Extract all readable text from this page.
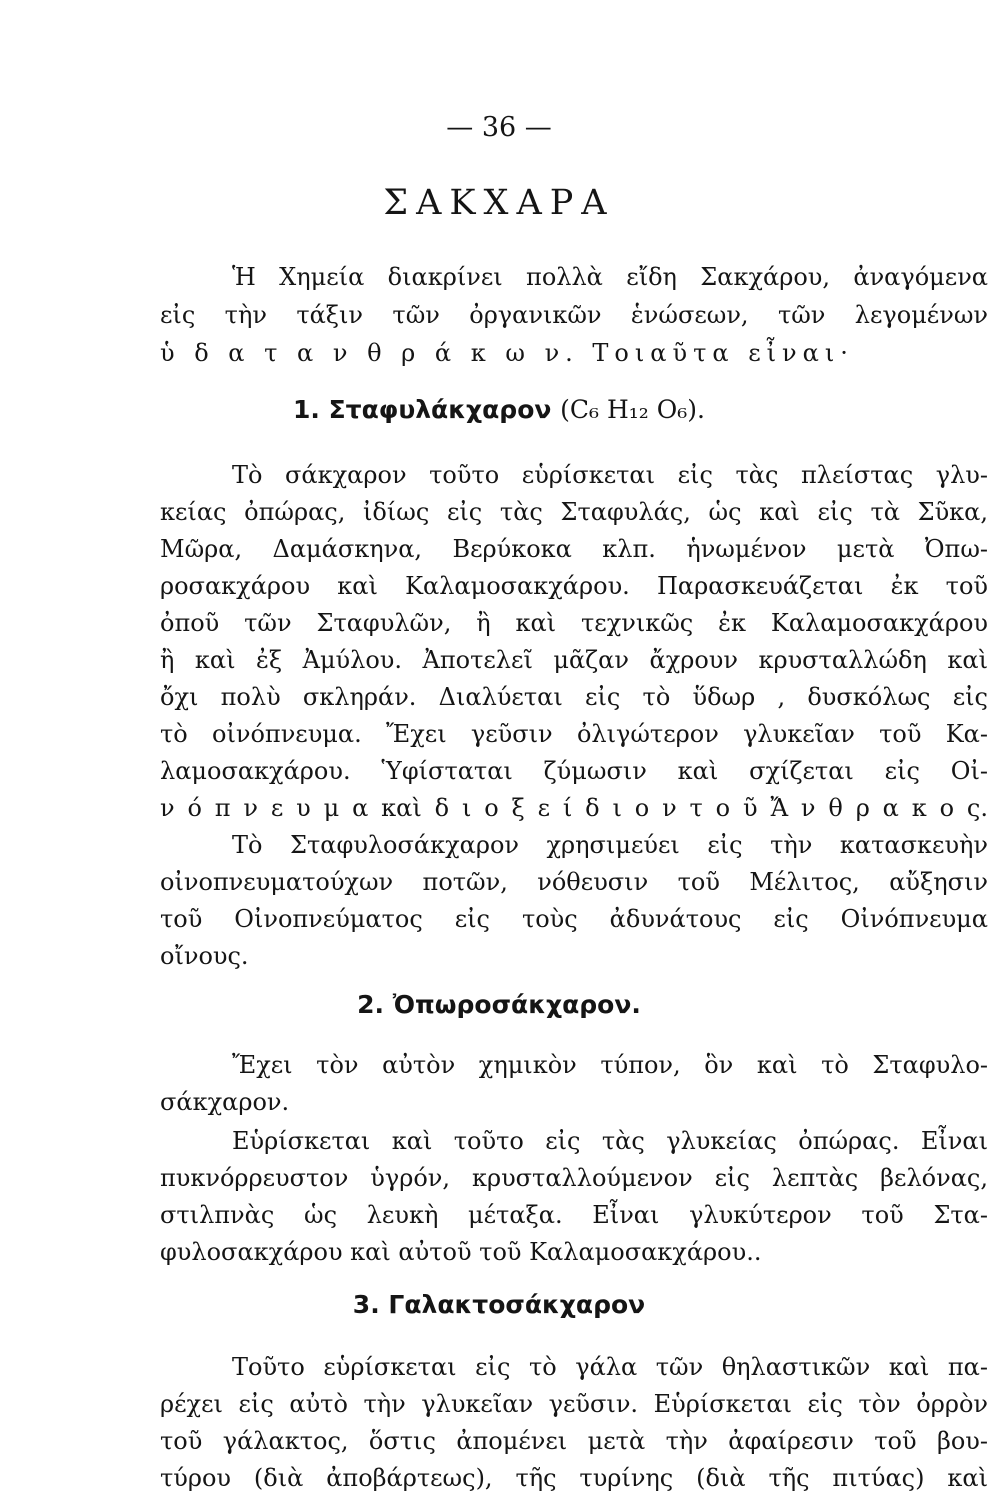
— 36 —
ΣΑΚΧΑΡΑ
Ἡ Χημεία διακρίνει πολλὰ εἴδη Σακχάρου, ἀναγόμενα
εἰς τὴν τάξιν τῶν ὀργανικῶν ἑνώσεων, τῶν λεγομένων
ὑ δ α τ α ν θ ρ ά κ ω ν. Τοιαῦτα εἶναι·
1. Σταφυλάκχαρον (C₆ H₁₂ O₆).
Τὸ σάκχαρον τοῦτο εὑρίσκεται εἰς τὰς πλείστας γλυ-
κείας ὀπώρας, ἰδίως εἰς τὰς Σταφυλάς, ὡς καὶ εἰς τὰ Σῦκα,
Μῶρα, Δαμάσκηνα, Βερύκοκα κλπ. ἡνωμένον μετὰ Ὀπω-
ροσακχάρου καὶ Καλαμοσακχάρου. Παρασκευάζεται ἐκ τοῦ
ὀποῦ τῶν Σταφυλῶν, ἢ καὶ τεχνικῶς ἐκ Καλαμοσακχάρου
ἢ καὶ ἐξ Ἀμύλου. Ἀποτελεῖ μᾶζαν ἄχρουν κρυσταλλώδη καὶ
ὄχι πολὺ σκληράν. Διαλύεται εἰς τὸ ὕδωρ , δυσκόλως εἰς
τὸ οἰνόπνευμα. Ἔχει γεῦσιν ὀλιγώτερον γλυκεῖαν τοῦ Κα-
λαμοσακχάρου. Ὑφίσταται ζύμωσιν καὶ σχίζεται εἰς Οἰ-
ν ό π ν ε υ μ α καὶ δ ι ο ξ ε ί δ ι ο ν τ ο ῦ Ἄ ν θ ρ α κ ο ς.
Τὸ Σταφυλοσάκχαρον χρησιμεύει εἰς τὴν κατασκευὴν
οἰνοπνευματούχων ποτῶν, νόθευσιν τοῦ Μέλιτος, αὔξησιν
τοῦ Οἰνοπνεύματος εἰς τοὺς ἀδυνάτους εἰς Οἰνόπνευμα
οἴνους.
2. Ὀπωροσάκχαρον.
Ἔχει τὸν αὐτὸν χημικὸν τύπον, ὃν καὶ τὸ Σταφυλο-
σάκχαρον.
Εὑρίσκεται καὶ τοῦτο εἰς τὰς γλυκείας ὀπώρας. Εἶναι
πυκνόρρευστον ὑγρόν, κρυσταλλούμενον εἰς λεπτὰς βελόνας,
στιλπνὰς ὡς λευκὴ μέταξα. Εἶναι γλυκύτερον τοῦ Στα-
φυλοσακχάρου καὶ αὐτοῦ τοῦ Καλαμοσακχάρου..
3. Γαλακτοσάκχαρον
Τοῦτο εὑρίσκεται εἰς τὸ γάλα τῶν θηλαστικῶν καὶ πα-
ρέχει εἰς αὐτὸ τὴν γλυκεῖαν γεῦσιν. Εὑρίσκεται εἰς τὸν ὀρρὸν
τοῦ γάλακτος, ὅστις ἀπομένει μετὰ τὴν ἀφαίρεσιν τοῦ βου-
τύρου (διὰ ἀποβάρτεως), τῆς τυρίνης (διὰ τῆς πιτύας) καὶ
